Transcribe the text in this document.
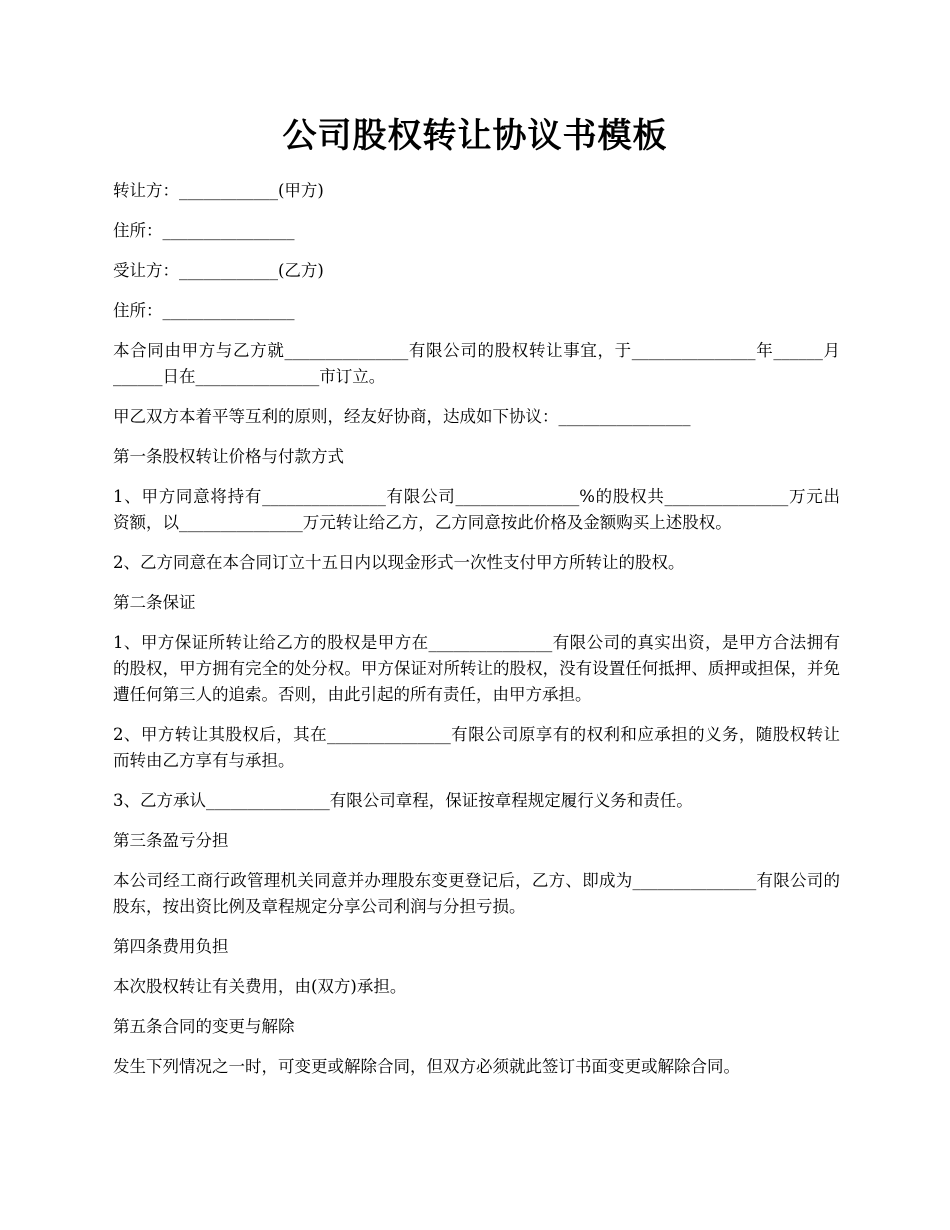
公司股权转让协议书模板

转让方：____________(甲方)

住所：________________

受让方：____________(乙方)

住所：________________

本合同由甲方与乙方就_______________有限公司的股权转让事宜，于_______________年______月______日在_______________市订立。

甲乙双方本着平等互利的原则，经友好协商，达成如下协议：________________

第一条股权转让价格与付款方式

1、甲方同意将持有_______________有限公司_______________%的股权共_______________万元出资额，以_______________万元转让给乙方，乙方同意按此价格及金额购买上述股权。

2、乙方同意在本合同订立十五日内以现金形式一次性支付甲方所转让的股权。

第二条保证

1、甲方保证所转让给乙方的股权是甲方在_______________有限公司的真实出资，是甲方合法拥有的股权，甲方拥有完全的处分权。甲方保证对所转让的股权，没有设置任何抵押、质押或担保，并免遭任何第三人的追索。否则，由此引起的所有责任，由甲方承担。

2、甲方转让其股权后，其在_______________有限公司原享有的权利和应承担的义务，随股权转让而转由乙方享有与承担。

3、乙方承认_______________有限公司章程，保证按章程规定履行义务和责任。

第三条盈亏分担

本公司经工商行政管理机关同意并办理股东变更登记后，乙方、即成为_______________有限公司的股东，按出资比例及章程规定分享公司利润与分担亏损。

第四条费用负担

本次股权转让有关费用，由(双方)承担。

第五条合同的变更与解除

发生下列情况之一时，可变更或解除合同，但双方必须就此签订书面变更或解除合同。
